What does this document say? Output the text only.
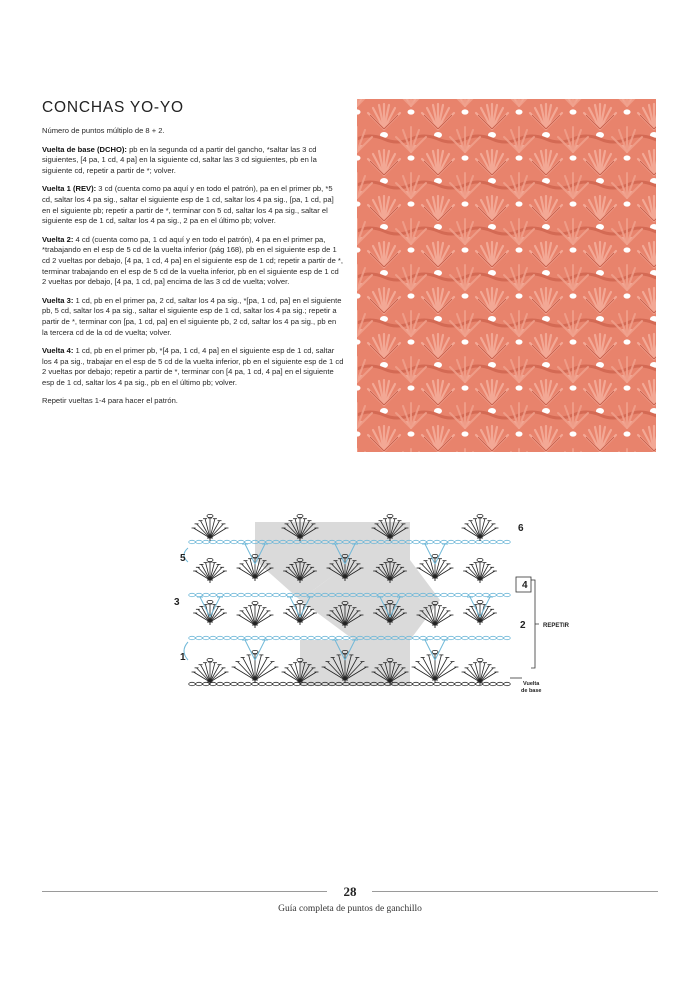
CONCHAS YO-YO

Número de puntos múltiplo de 8 + 2.

Vuelta de base (DCHO): pb en la segunda cd a partir del gancho, *saltar las 3 cd siguientes, [4 pa, 1 cd, 4 pa] en la siguiente cd, saltar las 3 cd siguientes, pb en la siguiente cd, repetir a partir de *; volver.

Vuelta 1 (REV): 3 cd (cuenta como pa aquí y en todo el patrón), pa en el primer pb, *5 cd, saltar los 4 pa sig., saltar el siguiente esp de 1 cd, saltar los 4 pa sig., [pa, 1 cd, pa] en el siguiente pb; repetir a partir de *, terminar con 5 cd, saltar los 4 pa sig., saltar el siguiente esp de 1 cd, saltar los 4 pa sig., 2 pa en el último pb; volver.

Vuelta 2: 4 cd (cuenta como pa, 1 cd aquí y en todo el patrón), 4 pa en el primer pa, *trabajando en el esp de 5 cd de la vuelta inferior (pág 168), pb en el siguiente esp de 1 cd 2 vueltas por debajo, [4 pa, 1 cd, 4 pa] en el siguiente esp de 1 cd; repetir a partir de *, terminar trabajando en el esp de 5 cd de la vuelta inferior, pb en el siguiente esp de 1 cd 2 vueltas por debajo, [4 pa, 1 cd, pa] encima de las 3 cd de vuelta; volver.

Vuelta 3: 1 cd, pb en el primer pa, 2 cd, saltar los 4 pa sig., *[pa, 1 cd, pa] en el siguiente pb, 5 cd, saltar los 4 pa sig., saltar el siguiente esp de 1 cd, saltar los 4 pa sig.; repetir a partir de *, terminar con [pa, 1 cd, pa] en el siguiente pb, 2 cd, saltar los 4 pa sig., pb en la tercera cd de la cd de vuelta; volver.

Vuelta 4: 1 cd, pb en el primer pb, *[4 pa, 1 cd, 4 pa] en el siguiente esp de 1 cd, saltar los 4 pa sig., trabajar en el esp de 5 cd de la vuelta inferior, pb en el siguiente esp de 1 cd 2 vueltas por debajo; repetir a partir de *, terminar con [4 pa, 1 cd, 4 pa] en el siguiente esp de 1 cd, saltar los 4 pa sig., pb en el último pb; volver.

Repetir vueltas 1-4 para hacer el patrón.

6
5
4
3
2
1
REPETIR
Vuelta
de base
28
Guía completa de puntos de ganchillo
